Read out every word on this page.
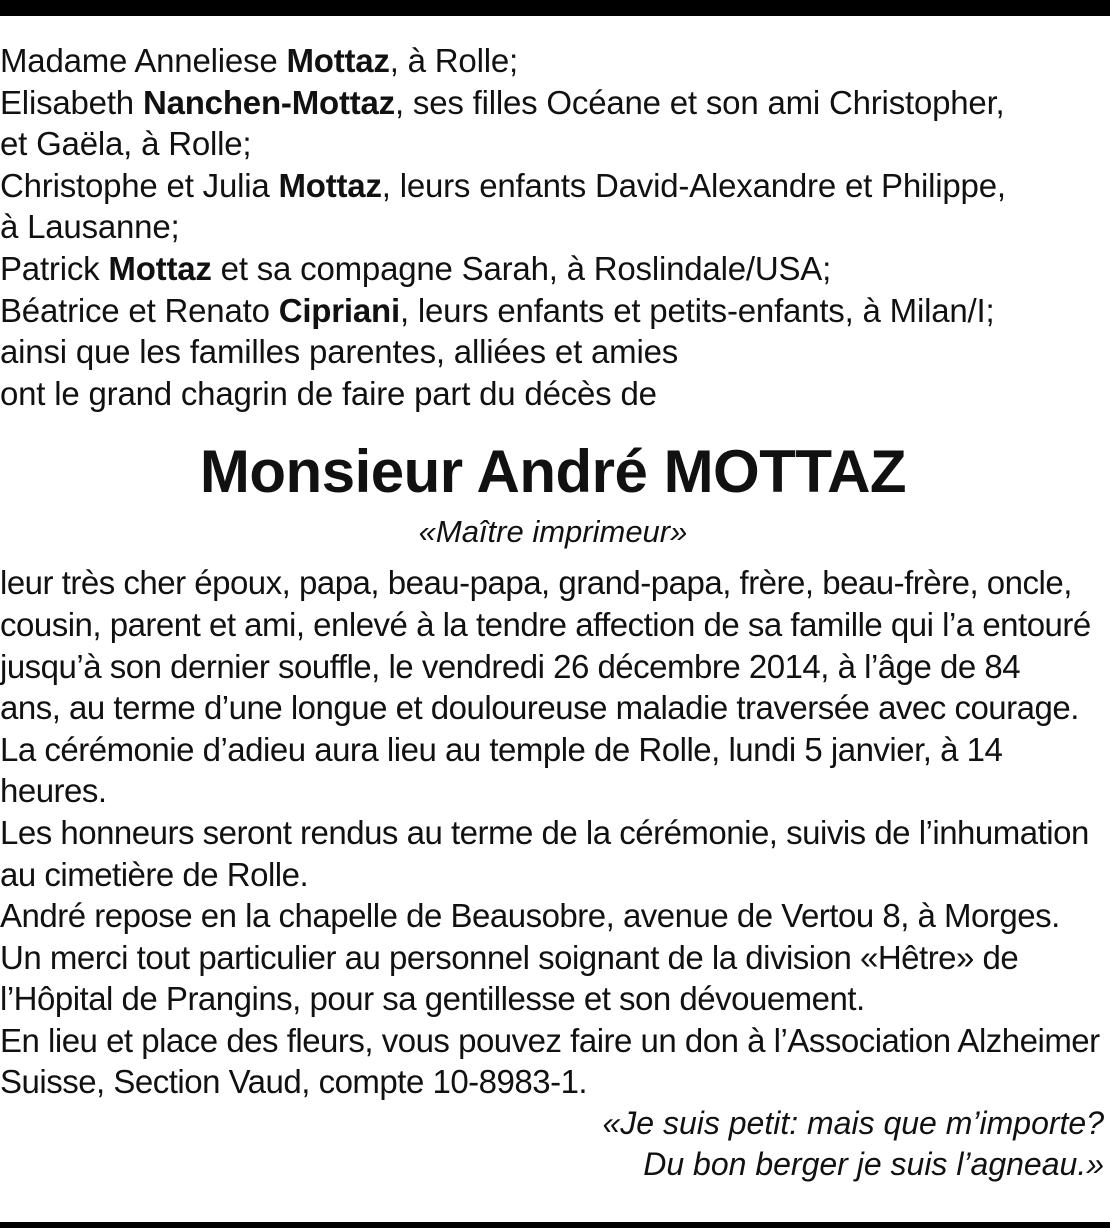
Madame Anneliese Mottaz, à Rolle;
Elisabeth Nanchen-Mottaz, ses filles Océane et son ami Christopher,
et Gaëla, à Rolle;
Christophe et Julia Mottaz, leurs enfants David-Alexandre et Philippe,
à Lausanne;
Patrick Mottaz et sa compagne Sarah, à Roslindale/USA;
Béatrice et Renato Cipriani, leurs enfants et petits-enfants, à Milan/I;
ainsi que les familles parentes, alliées et amies
ont le grand chagrin de faire part du décès de
Monsieur André MOTTAZ
«Maître imprimeur»
leur très cher époux, papa, beau-papa, grand-papa, frère, beau-frère, oncle,
cousin, parent et ami, enlevé à la tendre affection de sa famille qui l’a entouré
jusqu’à son dernier souffle, le vendredi 26 décembre 2014, à l’âge de 84
ans, au terme d’une longue et douloureuse maladie traversée avec courage.
La cérémonie d’adieu aura lieu au temple de Rolle, lundi 5 janvier, à 14
heures.
Les honneurs seront rendus au terme de la cérémonie, suivis de l’inhumation
au cimetière de Rolle.
André repose en la chapelle de Beausobre, avenue de Vertou 8, à Morges.
Un merci tout particulier au personnel soignant de la division «Hêtre» de
l’Hôpital de Prangins, pour sa gentillesse et son dévouement.
En lieu et place des fleurs, vous pouvez faire un don à l’Association Alzheimer
Suisse, Section Vaud, compte 10-8983-1.
«Je suis petit: mais que m’importe?
Du bon berger je suis l’agneau.»
